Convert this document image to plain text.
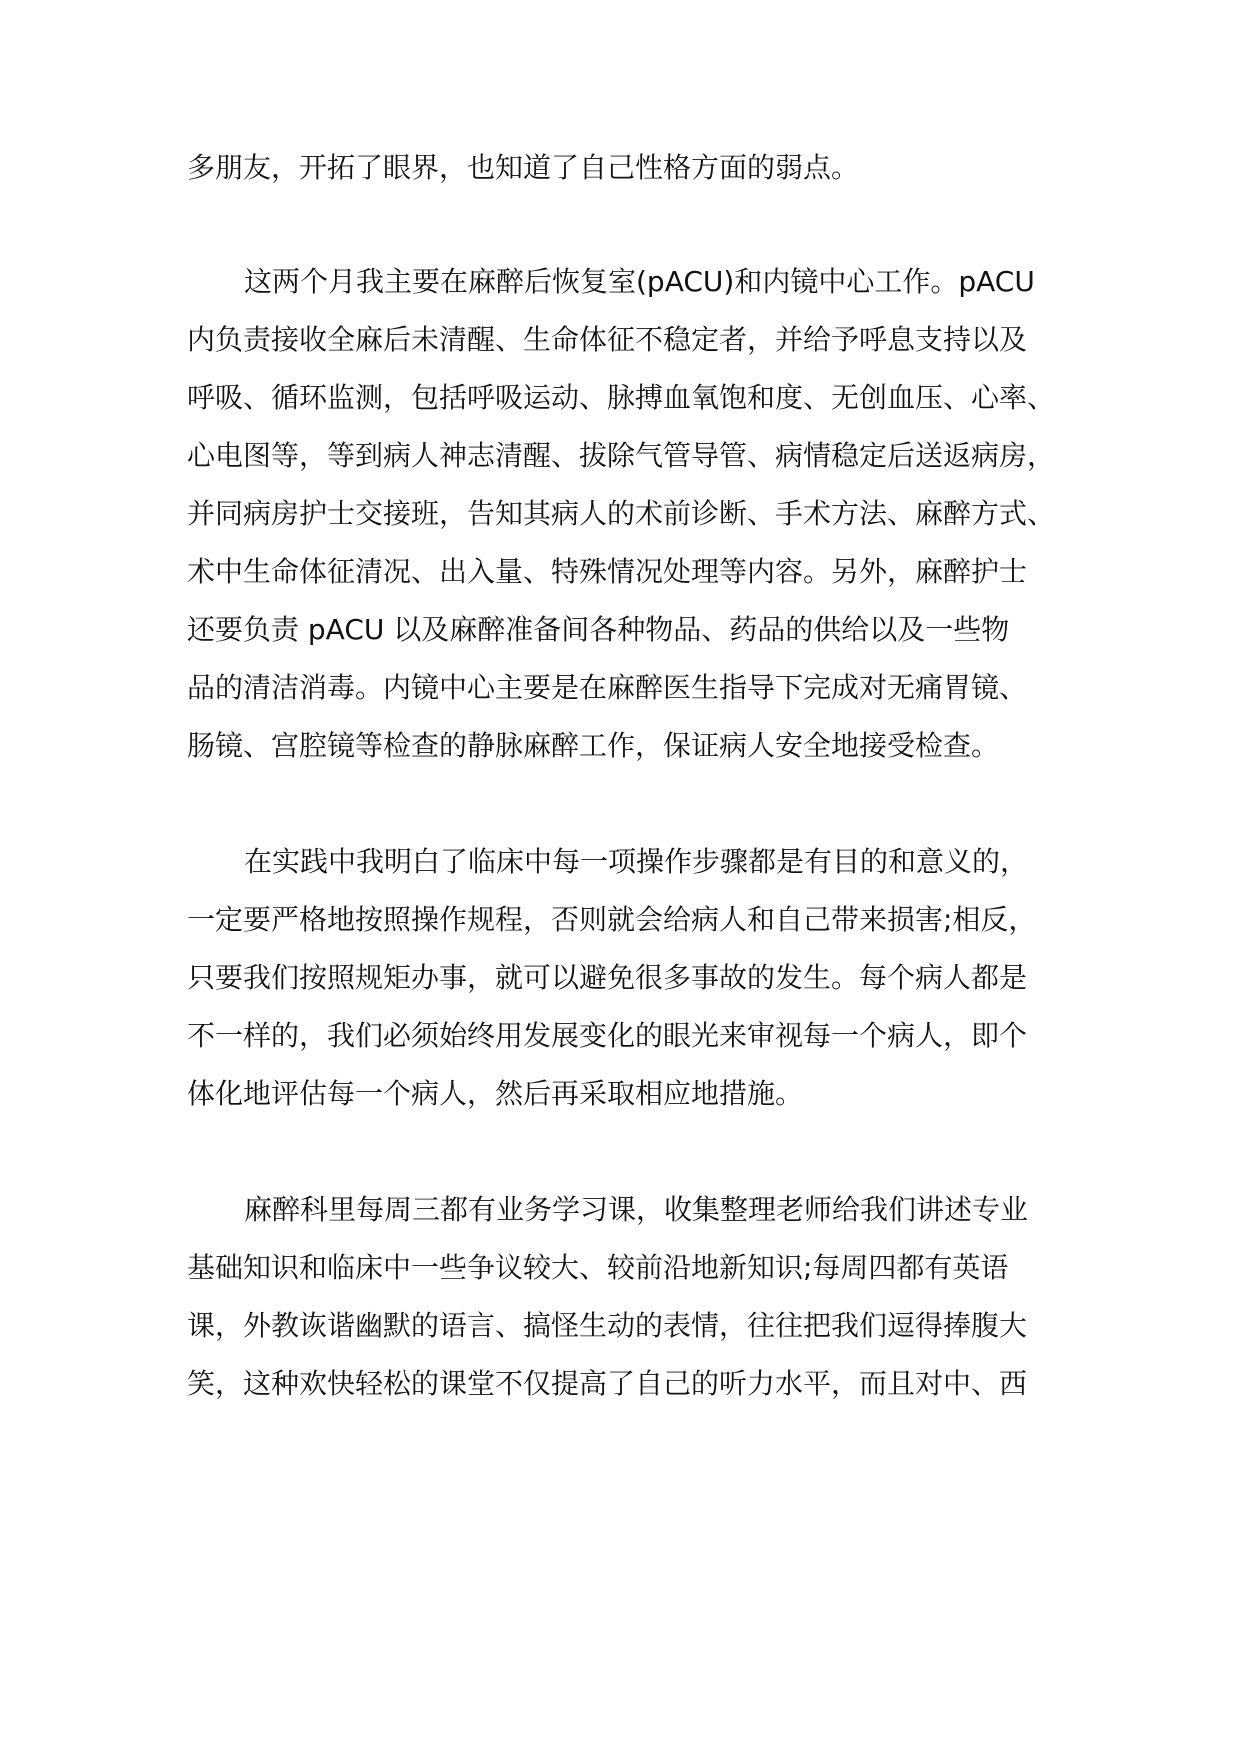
多朋友，开拓了眼界，也知道了自己性格方面的弱点。
这两个月我主要在麻醉后恢复室(pACU)和内镜中心工作。pACU
内负责接收全麻后未清醒、生命体征不稳定者，并给予呼息支持以及
呼吸、循环监测，包括呼吸运动、脉搏血氧饱和度、无创血压、心率、
心电图等，等到病人神志清醒、拔除气管导管、病情稳定后送返病房，
并同病房护士交接班，告知其病人的术前诊断、手术方法、麻醉方式、
术中生命体征清况、出入量、特殊情况处理等内容。另外，麻醉护士
还要负责 pACU 以及麻醉准备间各种物品、药品的供给以及一些物
品的清洁消毒。内镜中心主要是在麻醉医生指导下完成对无痛胃镜、
肠镜、宫腔镜等检查的静脉麻醉工作，保证病人安全地接受检查。
在实践中我明白了临床中每一项操作步骤都是有目的和意义的，
一定要严格地按照操作规程，否则就会给病人和自己带来损害;相反，
只要我们按照规矩办事，就可以避免很多事故的发生。每个病人都是
不一样的，我们必须始终用发展变化的眼光来审视每一个病人，即个
体化地评估每一个病人，然后再采取相应地措施。
麻醉科里每周三都有业务学习课，收集整理老师给我们讲述专业
基础知识和临床中一些争议较大、较前沿地新知识;每周四都有英语
课，外教诙谐幽默的语言、搞怪生动的表情，往往把我们逗得捧腹大
笑，这种欢快轻松的课堂不仅提高了自己的听力水平，而且对中、西
